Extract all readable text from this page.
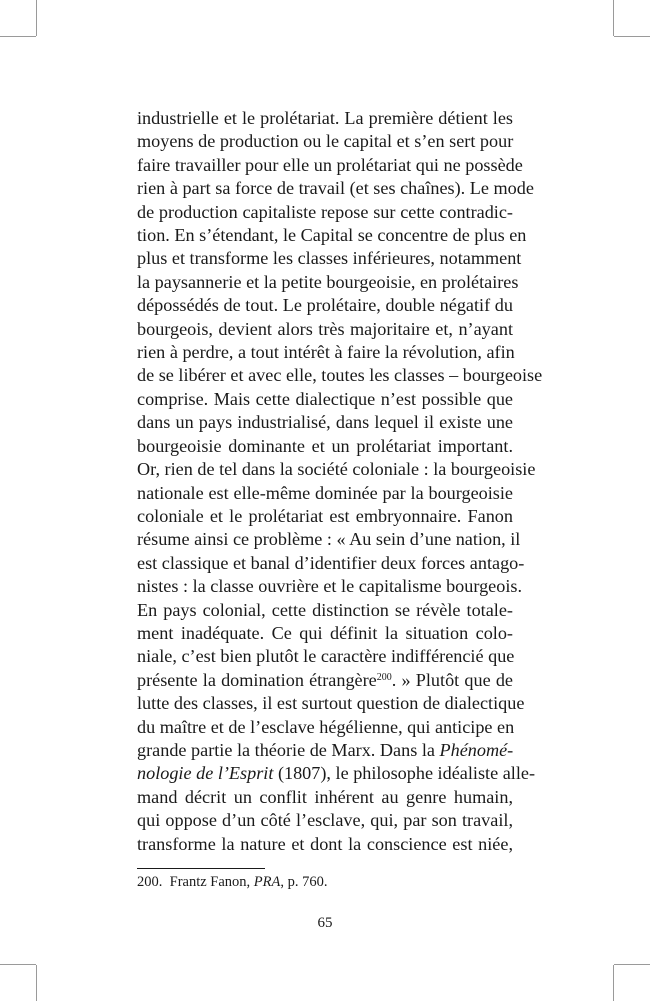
industrielle et le prolétariat. La première détient les
moyens de production ou le capital et s’en sert pour
faire travailler pour elle un prolétariat qui ne possède
rien à part sa force de travail (et ses chaînes). Le mode
de production capitaliste repose sur cette contradic-
tion. En s’étendant, le Capital se concentre de plus en
plus et transforme les classes inférieures, notamment
la paysannerie et la petite bourgeoisie, en prolétaires
dépossédés de tout. Le prolétaire, double négatif du
bourgeois, devient alors très majoritaire et, n’ayant
rien à perdre, a tout intérêt à faire la révolution, afin
de se libérer et avec elle, toutes les classes – bourgeoise
comprise. Mais cette dialectique n’est possible que
dans un pays industrialisé, dans lequel il existe une
bourgeoisie dominante et un prolétariat important.
Or, rien de tel dans la société coloniale : la bourgeoisie
nationale est elle-même dominée par la bourgeoisie
coloniale et le prolétariat est embryonnaire. Fanon
résume ainsi ce problème : « Au sein d’une nation, il
est classique et banal d’identifier deux forces antago-
nistes : la classe ouvrière et le capitalisme bourgeois.
En pays colonial, cette distinction se révèle totale-
ment inadéquate. Ce qui définit la situation colo-
niale, c’est bien plutôt le caractère indifférencié que
présente la domination étrangère$^{200}$. » Plutôt que de
lutte des classes, il est surtout question de dialectique
du maître et de l’esclave hégélienne, qui anticipe en
grande partie la théorie de Marx. Dans la Phénomé-
nologie de l’Esprit (1807), le philosophe idéaliste alle-
mand décrit un conflit inhérent au genre humain,
qui oppose d’un côté l’esclave, qui, par son travail,
transforme la nature et dont la conscience est niée,
200. Frantz Fanon, PRA, p. 760.
65
